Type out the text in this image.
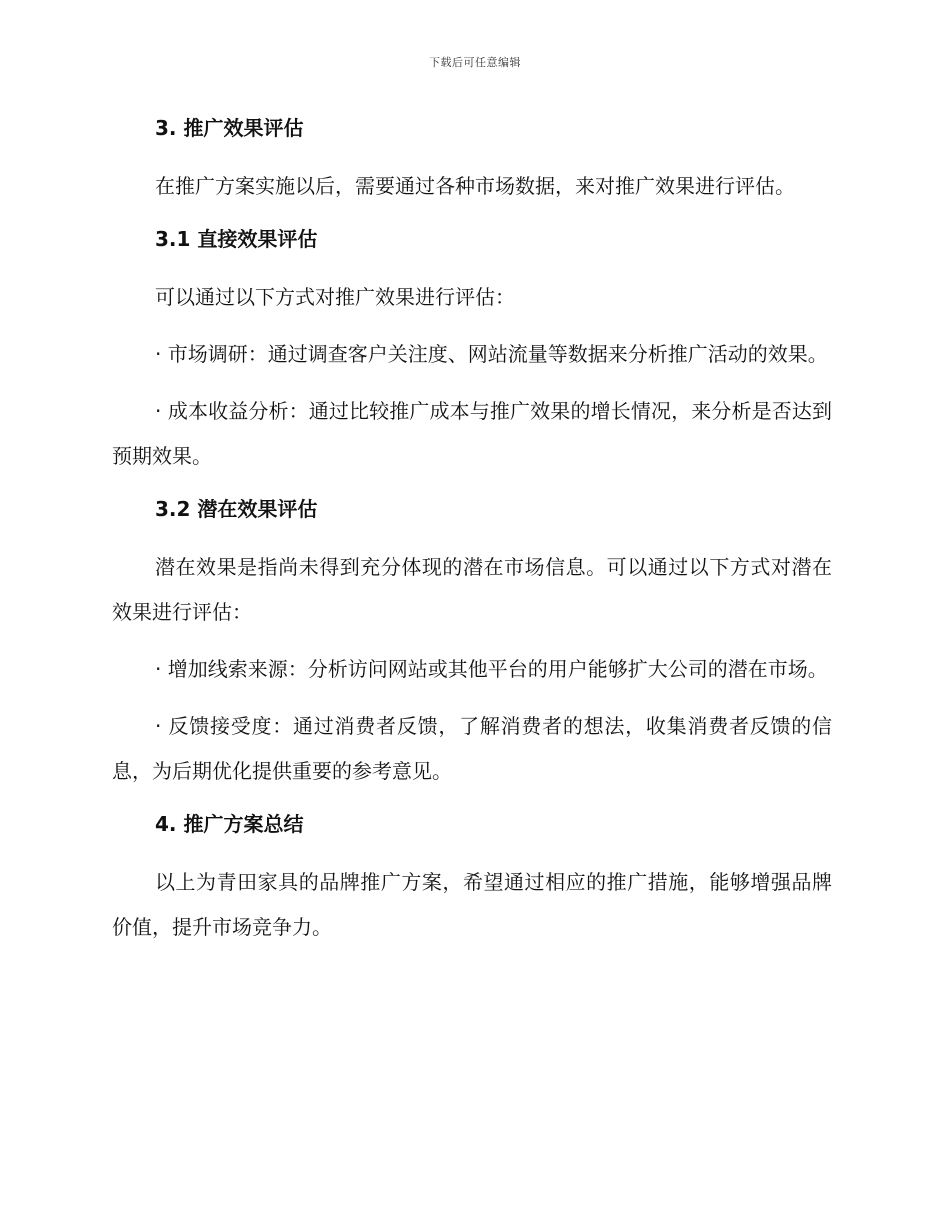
下载后可任意编辑
3. 推广效果评估

在推广方案实施以后，需要通过各种市场数据，来对推广效果进行评估。

3.1 直接效果评估

可以通过以下方式对推广效果进行评估：

· 市场调研：通过调查客户关注度、网站流量等数据来分析推广活动的效果。

· 成本收益分析：通过比较推广成本与推广效果的增长情况，来分析是否达到预期效果。

3.2 潜在效果评估

潜在效果是指尚未得到充分体现的潜在市场信息。可以通过以下方式对潜在效果进行评估：

· 增加线索来源：分析访问网站或其他平台的用户能够扩大公司的潜在市场。

· 反馈接受度：通过消费者反馈，了解消费者的想法，收集消费者反馈的信息，为后期优化提供重要的参考意见。

4. 推广方案总结

以上为青田家具的品牌推广方案，希望通过相应的推广措施，能够增强品牌价值，提升市场竞争力。
